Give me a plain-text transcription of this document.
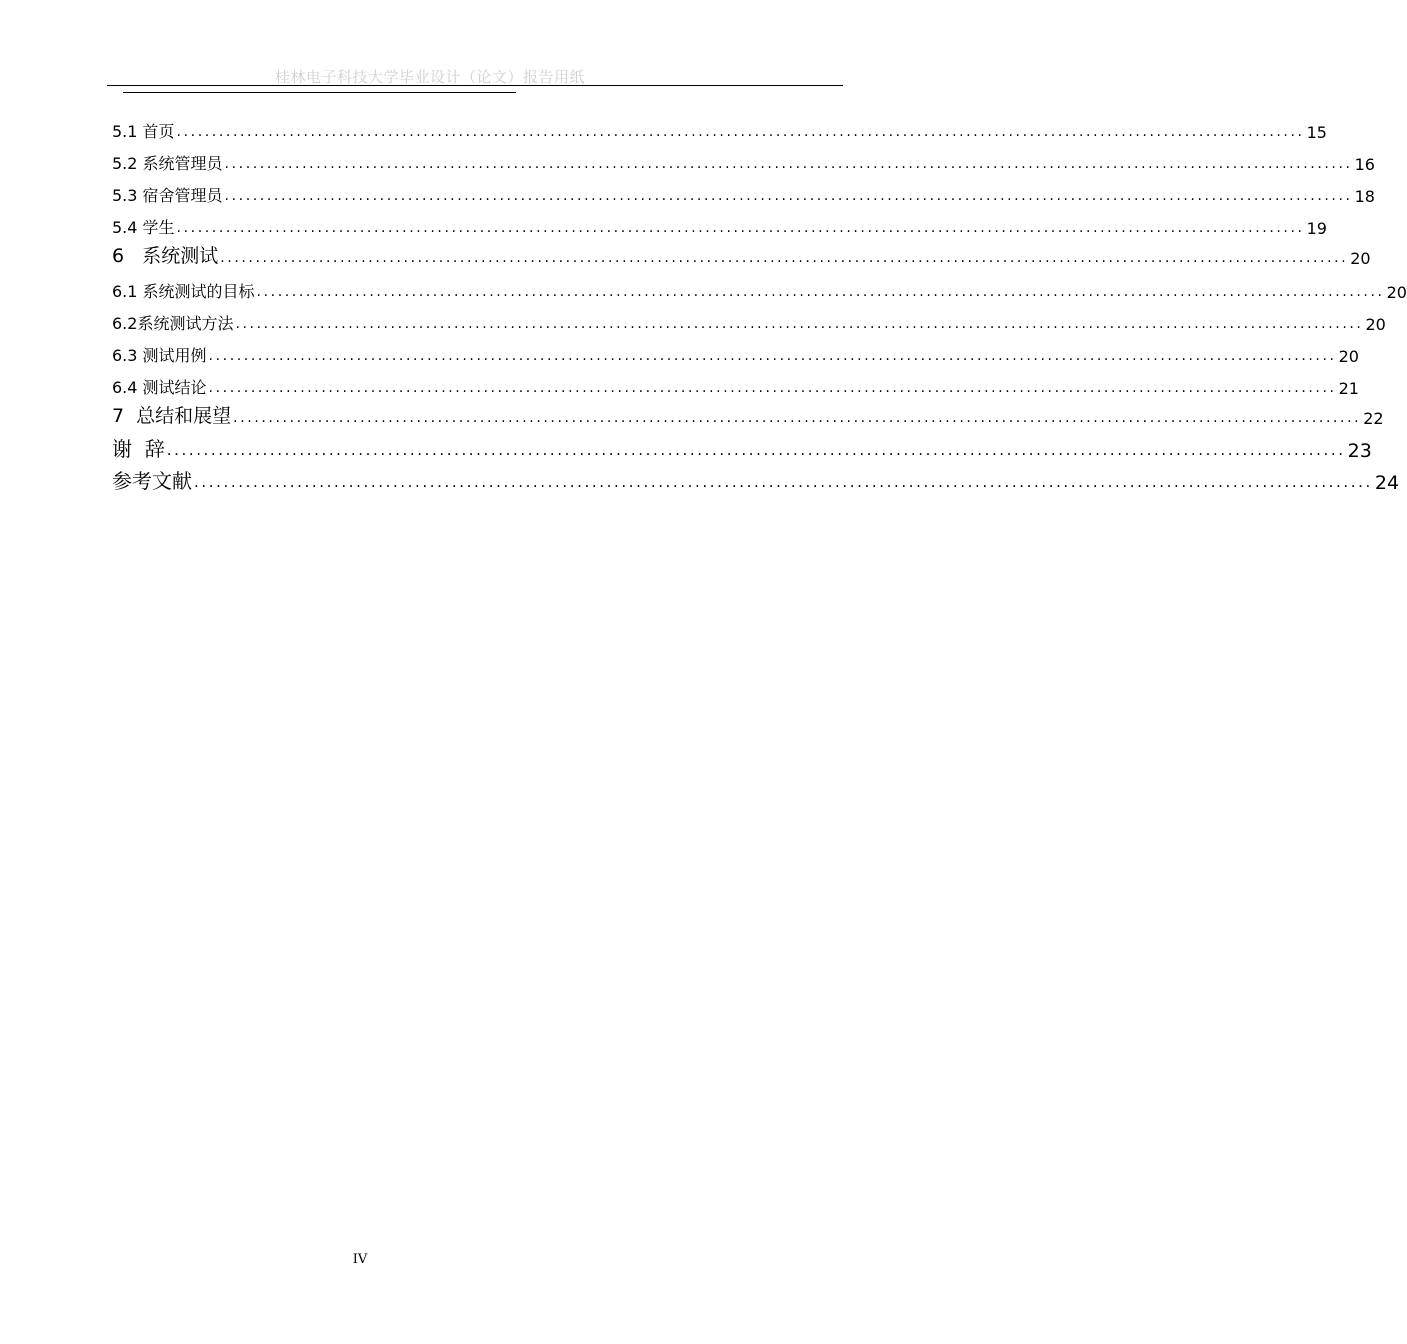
桂林电子科技大学毕业设计（论文）报告用纸
5.1 首页 ................................................................................................................................................................ 15
5.2 系统管理员 ................................................................................................................................................................ 16
5.3 宿舍管理员 ................................................................................................................................................................ 18
5.4 学生 ................................................................................................................................................................ 19
6   系统测试 ................................................................................................................................................................ 20
6.1 系统测试的目标 ................................................................................................................................................................ 20
6.2系统测试方法 ................................................................................................................................................................ 20
6.3 测试用例 ................................................................................................................................................................ 20
6.4 测试结论 ................................................................................................................................................................ 21
7  总结和展望 ................................................................................................................................................................ 22
谢  辞 ................................................................................................................................................................ 23
参考文献 ................................................................................................................................................................ 24
IV
